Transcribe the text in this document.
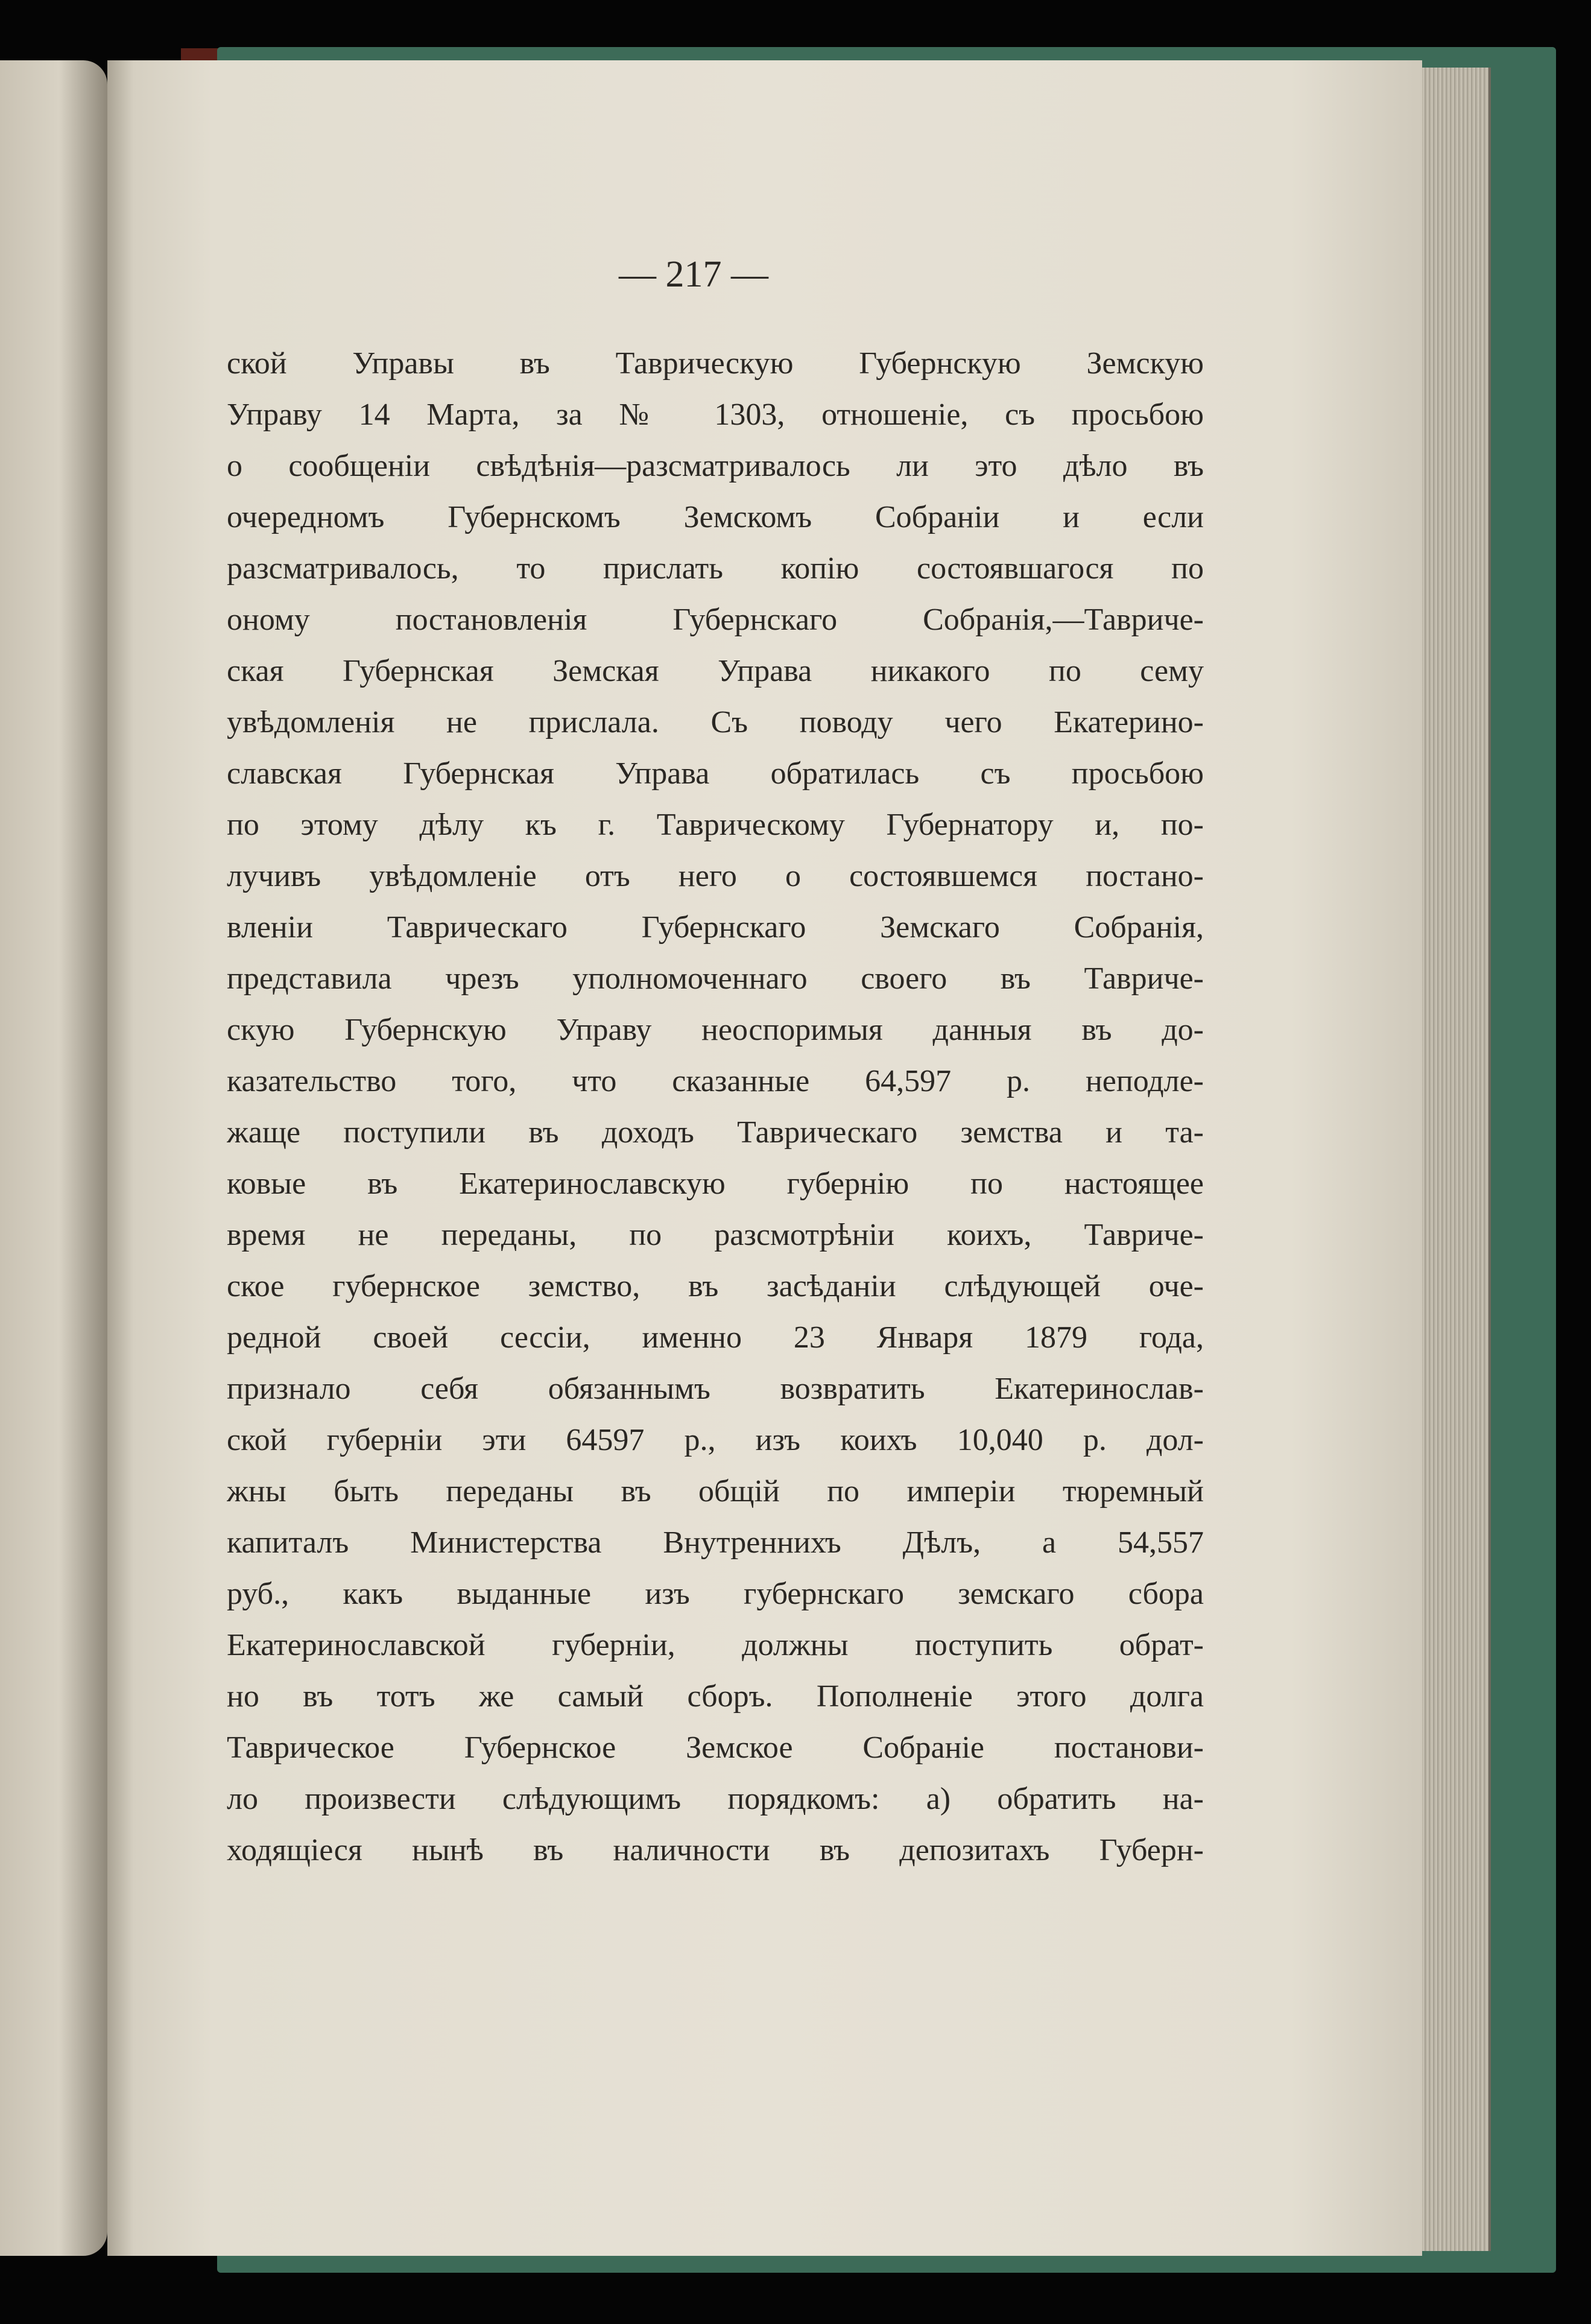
— 217 —
ской Управы въ Таврическую Губернскую Земскую
Управу 14 Марта, за № 1303, отношеніе, съ просьбою
о сообщеніи свѣдѣнія—разсматривалось ли это дѣло въ
очередномъ Губернскомъ Земскомъ Собраніи и если
разсматривалось, то прислать копію состоявшагося по
оному постановленія Губернскаго Собранія,—Тавриче-
ская Губернская Земская Управа никакого по сему
увѣдомленія не прислала. Съ поводу чего Екатерино-
славская Губернская Управа обратилась съ просьбою
по этому дѣлу къ г. Таврическому Губернатору и, по-
лучивъ увѣдомленіе отъ него о состоявшемся постано-
вленіи Таврическаго Губернскаго Земскаго Собранія,
представила чрезъ уполномоченнаго своего въ Тавриче-
скую Губернскую Управу неоспоримыя данныя въ до-
казательство того, что сказанные 64,597 р. неподле-
жаще поступили въ доходъ Таврическаго земства и та-
ковые въ Екатеринославскую губернію по настоящее
время не переданы, по разсмотрѣніи коихъ, Тавриче-
ское губернское земство, въ засѣданіи слѣдующей оче-
редной своей сессіи, именно 23 Января 1879 года,
признало себя обязаннымъ возвратить Екатеринослав-
ской губерніи эти 64597 р., изъ коихъ 10,040 р. дол-
жны быть переданы въ общій по имперіи тюремный
капиталъ Министерства Внутреннихъ Дѣлъ, а 54,557
руб., какъ выданные изъ губернскаго земскаго сбора
Екатеринославской губерніи, должны поступить обрат-
но въ тотъ же самый сборъ. Пополненіе этого долга
Таврическое Губернское Земское Собраніе постанови-
ло произвести слѣдующимъ порядкомъ: а) обратить на-
ходящіеся нынѣ въ наличности въ депозитахъ Губерн-
